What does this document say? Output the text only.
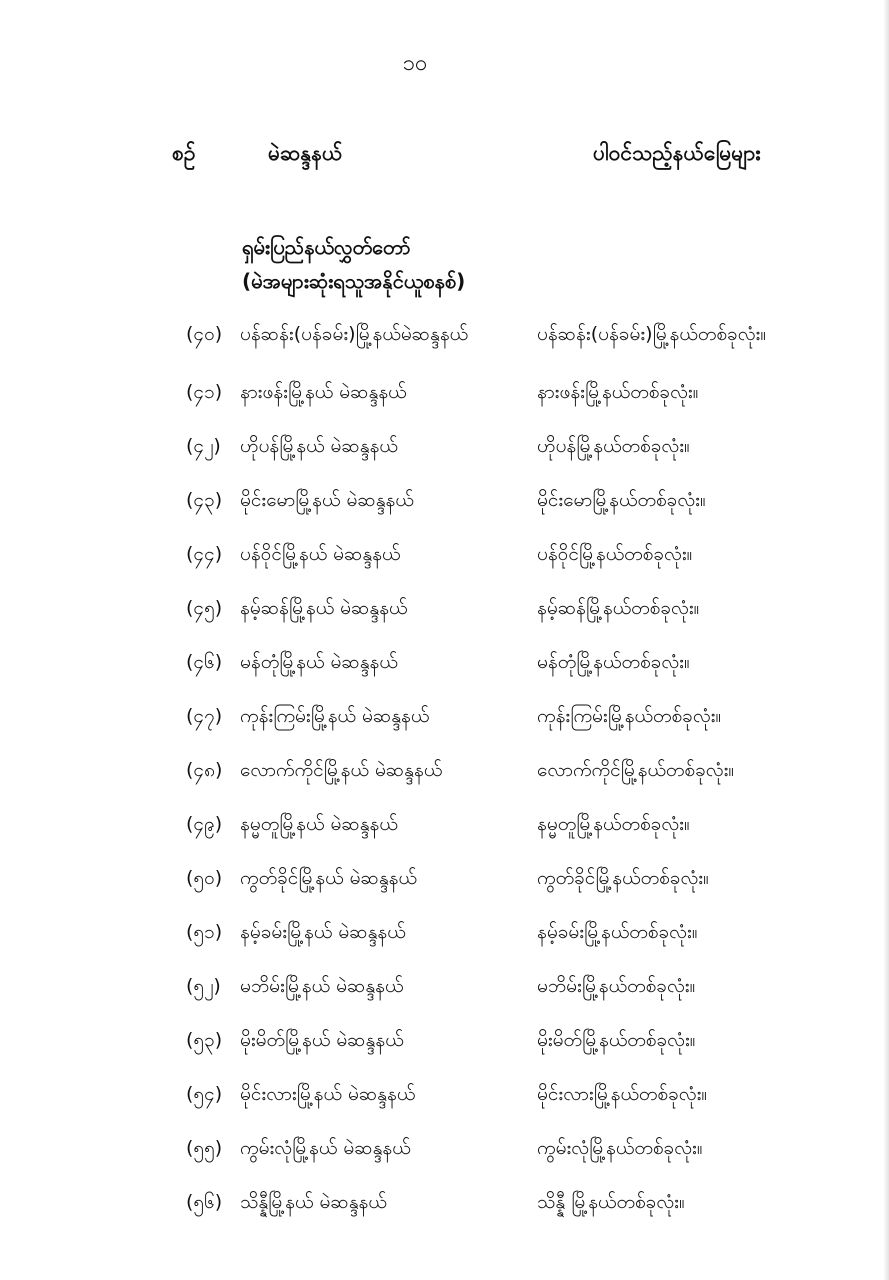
၁၀
စဉ်	မဲဆန္ဒနယ်	ပါဝင်သည့်နယ်မြေများ
ရှမ်းပြည်နယ်လွှတ်တော်
(မဲအများဆုံးရသူအနိုင်ယူစနစ်)
(၄၀) ပန်ဆန်း(ပန်ခမ်း)မြို့နယ်မဲဆန္ဒနယ်	ပန်ဆန်း(ပန်ခမ်း)မြို့နယ်တစ်ခုလုံး။
(၄၁) နားဖန်းမြို့နယ် မဲဆန္ဒနယ်	နားဖန်းမြို့နယ်တစ်ခုလုံး။
(၄၂) ဟိုပန်မြို့နယ် မဲဆန္ဒနယ်	ဟိုပန်မြို့နယ်တစ်ခုလုံး။
(၄၃) မိုင်းမောမြို့နယ် မဲဆန္ဒနယ်	မိုင်းမောမြို့နယ်တစ်ခုလုံး။
(၄၄) ပန်ဝိုင်မြို့နယ် မဲဆန္ဒနယ်	ပန်ဝိုင်မြို့နယ်တစ်ခုလုံး။
(၄၅) နမ့်ဆန်မြို့နယ် မဲဆန္ဒနယ်	နမ့်ဆန်မြို့နယ်တစ်ခုလုံး။
(၄၆) မန်တုံမြို့နယ် မဲဆန္ဒနယ်	မန်တုံမြို့နယ်တစ်ခုလုံး။
(၄၇) ကုန်းကြမ်းမြို့နယ် မဲဆန္ဒနယ်	ကုန်းကြမ်းမြို့နယ်တစ်ခုလုံး။
(၄၈) လောက်ကိုင်မြို့နယ် မဲဆန္ဒနယ်	လောက်ကိုင်မြို့နယ်တစ်ခုလုံး။
(၄၉) နမ္မတူမြို့နယ် မဲဆန္ဒနယ်	နမ္မတူမြို့နယ်တစ်ခုလုံး။
(၅၀) ကွတ်ခိုင်မြို့နယ် မဲဆန္ဒနယ်	ကွတ်ခိုင်မြို့နယ်တစ်ခုလုံး။
(၅၁) နမ့်ခမ်းမြို့နယ် မဲဆန္ဒနယ်	နမ့်ခမ်းမြို့နယ်တစ်ခုလုံး။
(၅၂) မဘိမ်းမြို့နယ် မဲဆန္ဒနယ်	မဘိမ်းမြို့နယ်တစ်ခုလုံး။
(၅၃) မိုးမိတ်မြို့နယ် မဲဆန္ဒနယ်	မိုးမိတ်မြို့နယ်တစ်ခုလုံး။
(၅၄) မိုင်းလားမြို့နယ် မဲဆန္ဒနယ်	မိုင်းလားမြို့နယ်တစ်ခုလုံး။
(၅၅) ကွမ်းလုံမြို့နယ် မဲဆန္ဒနယ်	ကွမ်းလုံမြို့နယ်တစ်ခုလုံး။
(၅၆) သိန္နီမြို့နယ် မဲဆန္ဒနယ်	သိန္နီ မြို့နယ်တစ်ခုလုံး။
